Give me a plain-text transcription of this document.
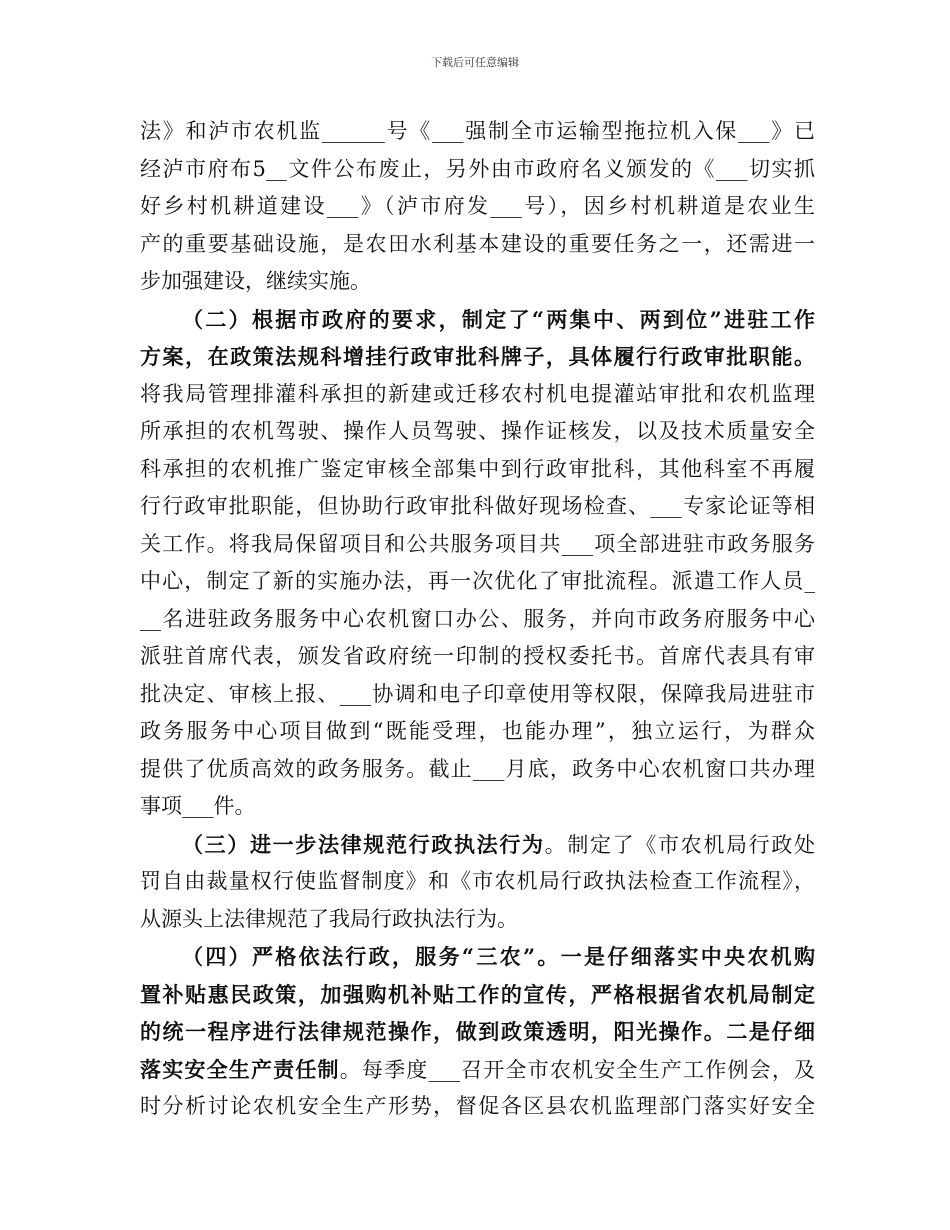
下载后可任意编辑
法》和泸市农机监______号《___强制全市运输型拖拉机入保___》已
经泸市府布5__文件公布废止，另外由市政府名义颁发的《___切实抓
好乡村机耕道建设___》（泸市府发___号），因乡村机耕道是农业生
产的重要基础设施，是农田水利基本建设的重要任务之一，还需进一
步加强建设，继续实施。
（二）根据市政府的要求，制定了“两集中、两到位”进驻工作
方案，在政策法规科增挂行政审批科牌子，具体履行行政审批职能。
将我局管理排灌科承担的新建或迁移农村机电提灌站审批和农机监理
所承担的农机驾驶、操作人员驾驶、操作证核发，以及技术质量安全
科承担的农机推广鉴定审核全部集中到行政审批科，其他科室不再履
行行政审批职能，但协助行政审批科做好现场检查、___专家论证等相
关工作。将我局保留项目和公共服务项目共___项全部进驻市政务服务
中心，制定了新的实施办法，再一次优化了审批流程。派遣工作人员_
__名进驻政务服务中心农机窗口办公、服务，并向市政务府服务中心
派驻首席代表，颁发省政府统一印制的授权委托书。首席代表具有审
批决定、审核上报、___协调和电子印章使用等权限，保障我局进驻市
政务服务中心项目做到“既能受理，也能办理”，独立运行，为群众
提供了优质高效的政务服务。截止___月底，政务中心农机窗口共办理
事项___件。
（三）进一步法律规范行政执法行为。制定了《市农机局行政处
罚自由裁量权行使监督制度》和《市农机局行政执法检查工作流程》，
从源头上法律规范了我局行政执法行为。
（四）严格依法行政，服务“三农”。一是仔细落实中央农机购
置补贴惠民政策，加强购机补贴工作的宣传，严格根据省农机局制定
的统一程序进行法律规范操作，做到政策透明，阳光操作。二是仔细
落实安全生产责任制。每季度___召开全市农机安全生产工作例会，及
时分析讨论农机安全生产形势，督促各区县农机监理部门落实好安全
